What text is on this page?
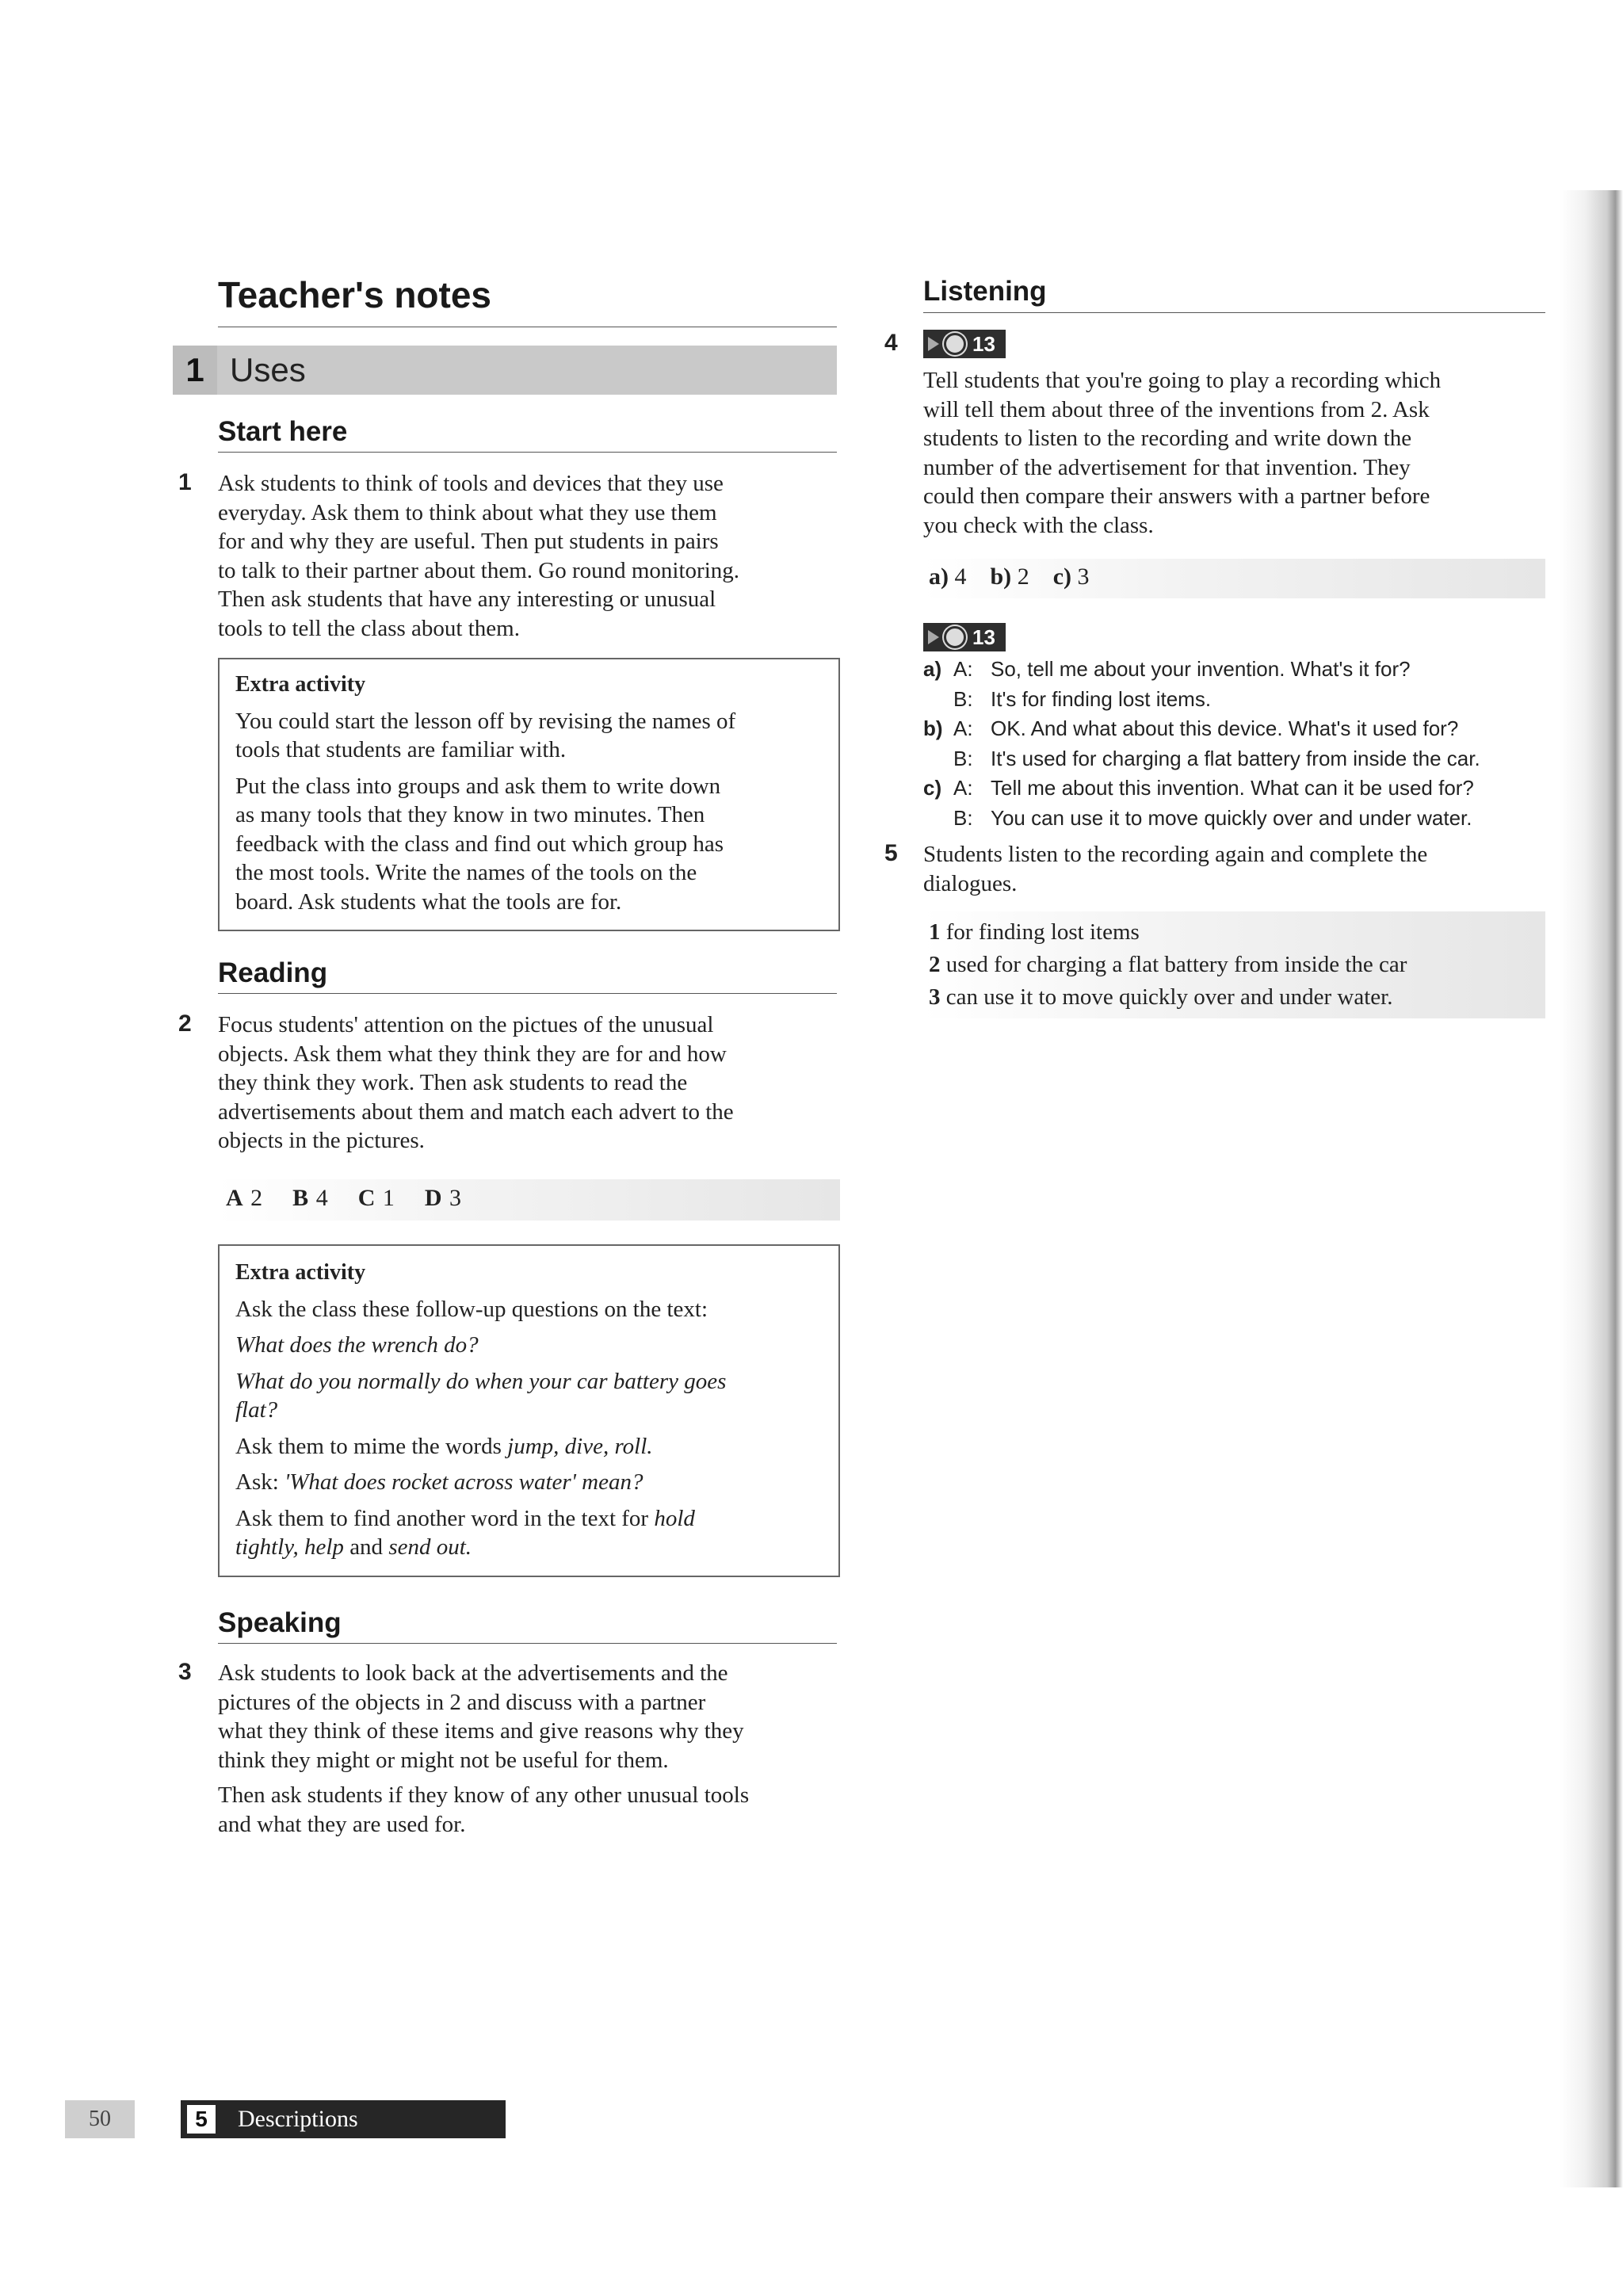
Teacher's notes
1 Uses
Start here
1 Ask students to think of tools and devices that they use

everyday. Ask them to think about what they use them

for and why they are useful. Then put students in pairs

to talk to their partner about them. Go round monitoring.

Then ask students that have any interesting or unusual

tools to tell the class about them.

Extra activity

You could start the lesson off by revising the names of
tools that students are familiar with.

Put the class into groups and ask them to write down
as many tools that they know in two minutes. Then
feedback with the class and find out which group has
the most tools. Write the names of the tools on the
board. Ask students what the tools are for.

Reading
2 Focus students' attention on the pictues of the unusual

objects. Ask them what they think they are for and how

they think they work. Then ask students to read the

advertisements about them and match each advert to the

objects in the pictures.

A 2 B 4 C 1 D 3

Extra activity

Ask the class these follow-up questions on the text:

What does the wrench do?

What do you normally do when your car battery goes
flat?

Ask them to mime the words jump, dive, roll.

Ask: 'What does rocket across water' mean?

Ask them to find another word in the text for hold
tightly, help and send out.

Speaking
3 Ask students to look back at the advertisements and the

pictures of the objects in 2 and discuss with a partner

what they think of these items and give reasons why they

think they might or might not be useful for them.

Then ask students if they know of any other unusual tools

and what they are used for.

Listening
4	13

Tell students that you're going to play a recording which

will tell them about three of the inventions from 2. Ask

students to listen to the recording and write down the

number of the advertisement for that invention. They

could then compare their answers with a partner before

you check with the class.

a) 4 b) 2 c) 3
13
a) A: So, tell me about your invention. What's it for?
B: It's for finding lost items.
b) A: OK. And what about this device. What's it used for?
B: It's used for charging a flat battery from inside the car.
c) A: Tell me about this invention. What can it be used for?
B: You can use it to move quickly over and under water.
5 Students listen to the recording again and complete the

dialogues.

1 for finding lost items

2 used for charging a flat battery from inside the car

3 can use it to move quickly over and under water.

50	5	Descriptions
